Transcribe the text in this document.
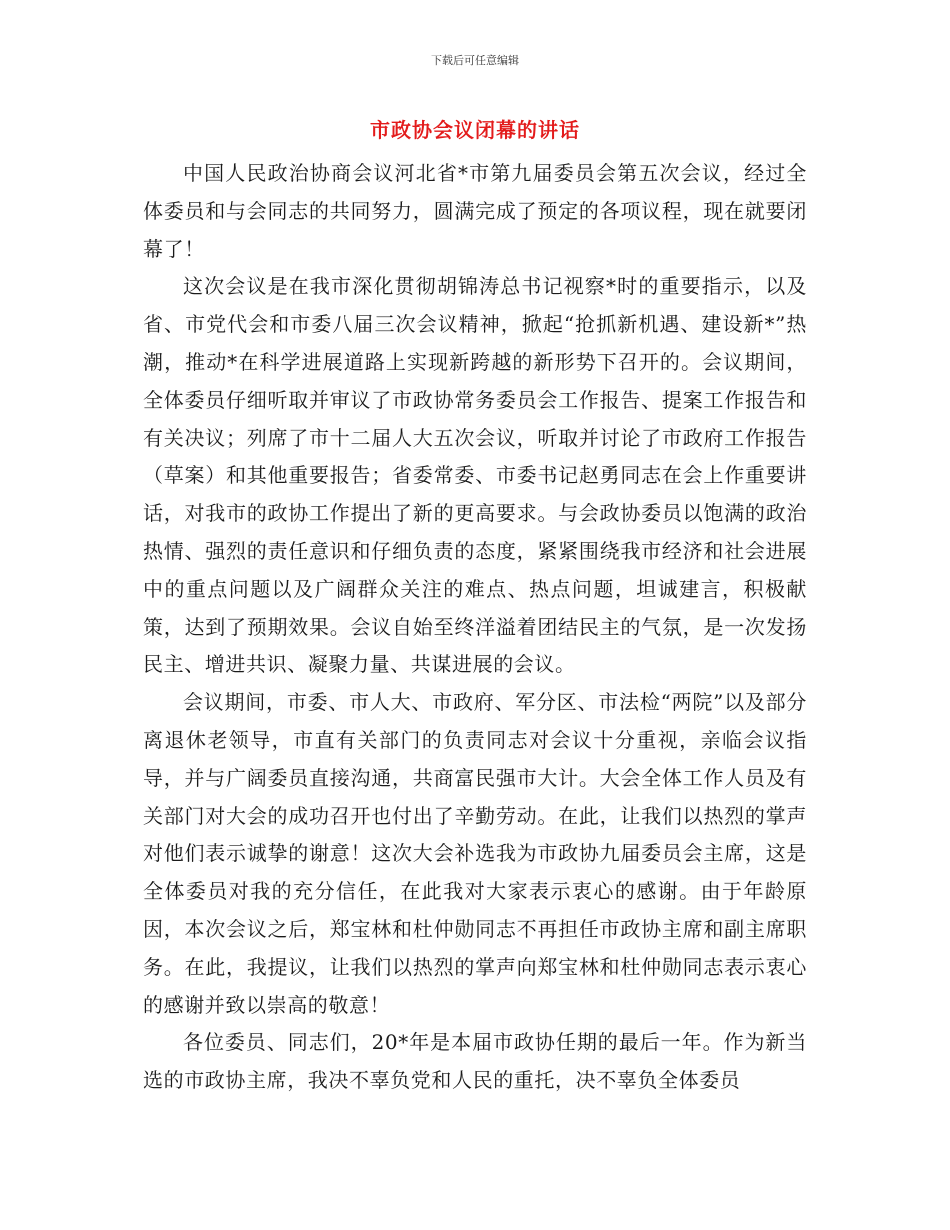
下载后可任意编辑
市政协会议闭幕的讲话

中国人民政治协商会议河北省*市第九届委员会第五次会议，经过全体委员和与会同志的共同努力，圆满完成了预定的各项议程，现在就要闭幕了！

这次会议是在我市深化贯彻胡锦涛总书记视察*时的重要指示，以及省、市党代会和市委八届三次会议精神，掀起“抢抓新机遇、建设新*”热潮，推动*在科学进展道路上实现新跨越的新形势下召开的。会议期间，全体委员仔细听取并审议了市政协常务委员会工作报告、提案工作报告和有关决议；列席了市十二届人大五次会议，听取并讨论了市政府工作报告（草案）和其他重要报告；省委常委、市委书记赵勇同志在会上作重要讲话，对我市的政协工作提出了新的更高要求。与会政协委员以饱满的政治热情、强烈的责任意识和仔细负责的态度，紧紧围绕我市经济和社会进展中的重点问题以及广阔群众关注的难点、热点问题，坦诚建言，积极献策，达到了预期效果。会议自始至终洋溢着团结民主的气氛，是一次发扬民主、增进共识、凝聚力量、共谋进展的会议。

会议期间，市委、市人大、市政府、军分区、市法检“两院”以及部分离退休老领导，市直有关部门的负责同志对会议十分重视，亲临会议指导，并与广阔委员直接沟通，共商富民强市大计。大会全体工作人员及有关部门对大会的成功召开也付出了辛勤劳动。在此，让我们以热烈的掌声对他们表示诚挚的谢意！这次大会补选我为市政协九届委员会主席，这是全体委员对我的充分信任，在此我对大家表示衷心的感谢。由于年龄原因，本次会议之后，郑宝林和杜仲勋同志不再担任市政协主席和副主席职务。在此，我提议，让我们以热烈的掌声向郑宝林和杜仲勋同志表示衷心的感谢并致以崇高的敬意！

各位委员、同志们，20*年是本届市政协任期的最后一年。作为新当选的市政协主席，我决不辜负党和人民的重托，决不辜负全体委员
